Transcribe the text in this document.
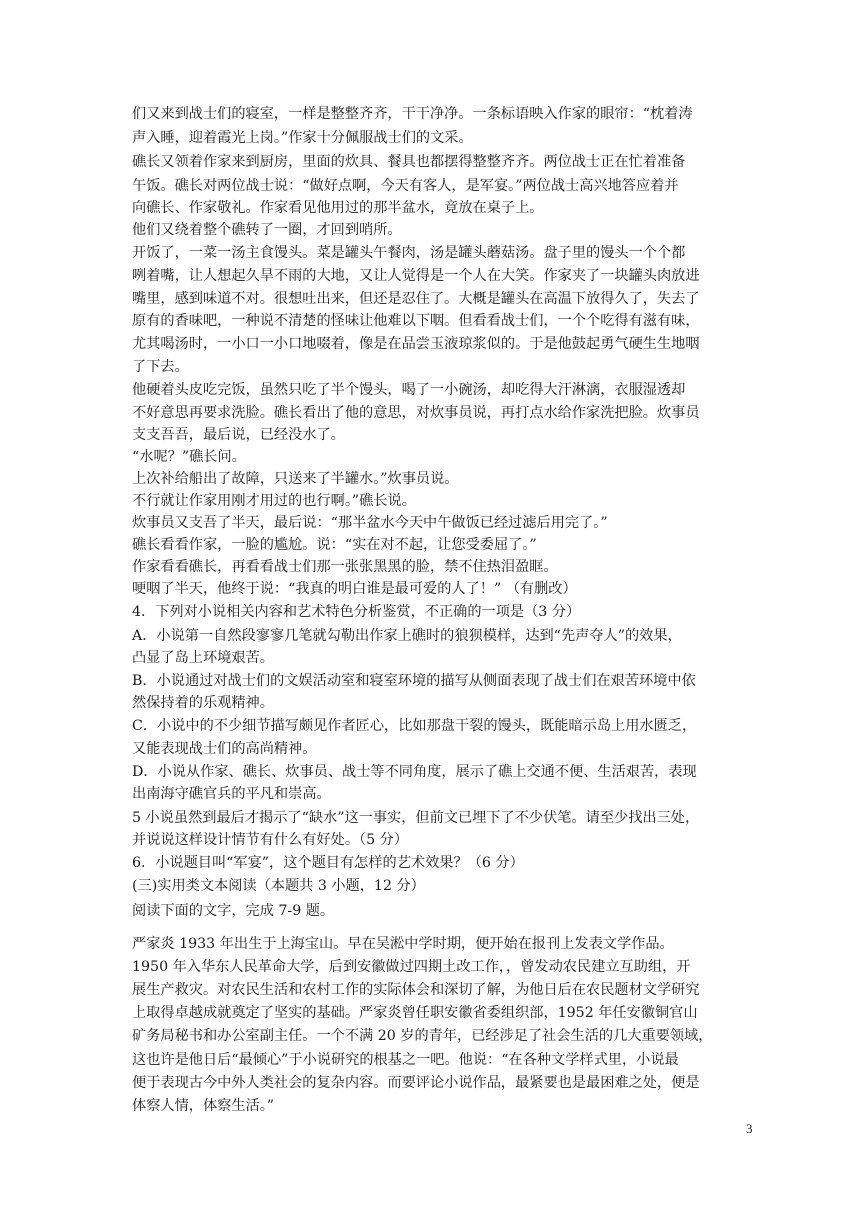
们又来到战士们的寝室，一样是整整齐齐，干干净净。一条标语映入作家的眼帘：“枕着涛
声入睡，迎着霞光上岗。”作家十分佩服战士们的文采。
礁长又领着作家来到厨房，里面的炊具、餐具也都摆得整整齐齐。两位战士正在忙着准备
午饭。礁长对两位战士说：“做好点啊，今天有客人，是军宴。”两位战士高兴地答应着并
向礁长、作家敬礼。作家看见他用过的那半盆水，竟放在桌子上。
他们又绕着整个礁转了一圈，才回到哨所。
开饭了，一菜一汤主食馒头。菜是罐头午餐肉，汤是罐头蘑菇汤。盘子里的馒头一个个都
咧着嘴，让人想起久旱不雨的大地，又让人觉得是一个人在大笑。作家夹了一块罐头肉放进
嘴里，感到味道不对。很想吐出来，但还是忍住了。大概是罐头在高温下放得久了，失去了
原有的香味吧，一种说不清楚的怪味让他难以下咽。但看看战士们，一个个吃得有滋有味，
尤其喝汤时，一小口一小口地啜着，像是在品尝玉液琼浆似的。于是他鼓起勇气硬生生地咽
了下去。
他硬着头皮吃完饭，虽然只吃了半个馒头，喝了一小碗汤，却吃得大汗淋漓，衣服湿透却
不好意思再要求洗脸。礁长看出了他的意思，对炊事员说，再打点水给作家洗把脸。炊事员
支支吾吾，最后说，已经没水了。
“水呢？”礁长问。
上次补给船出了故障，只送来了半罐水。”炊事员说。
不行就让作家用刚才用过的也行啊。”礁长说。
炊事员又支吾了半天，最后说：“那半盆水今天中午做饭已经过滤后用完了。”
礁长看看作家，一脸的尴尬。说：“实在对不起，让您受委屈了。”
作家看看礁长，再看看战士们那一张张黑黑的脸，禁不住热泪盈眶。
哽咽了半天，他终于说：“我真的明白谁是最可爱的人了！” （有删改）
4．下列对小说相关内容和艺术特色分析鉴赏，不正确的一项是（3 分）
A．小说第一自然段寥寥几笔就勾勒出作家上礁时的狼狈模样，达到“先声夺人”的效果，
凸显了岛上环境艰苦。
B．小说通过对战士们的文娱活动室和寝室环境的描写从侧面表现了战士们在艰苦环境中依
然保持着的乐观精神。
C．小说中的不少细节描写颇见作者匠心，比如那盘干裂的馒头，既能暗示岛上用水匮乏，
又能表现战士们的高尚精神。
D．小说从作家、礁长、炊事员、战士等不同角度，展示了礁上交通不便、生活艰苦，表现
出南海守礁官兵的平凡和崇高。
5 小说虽然到最后才揭示了“缺水”这一事实，但前文已埋下了不少伏笔。请至少找出三处，
并说说这样设计情节有什么有好处。（5 分）
6．小说题目叫“军宴”，这个题目有怎样的艺术效果？（6 分）
(三)实用类文本阅读（本题共 3 小题，12 分）
阅读下面的文字，完成 7-9 题。
严家炎 1933 年出生于上海宝山。早在吴淞中学时期，便开始在报刊上发表文学作品。
1950 年入华东人民革命大学，后到安徽做过四期土改工作，，曾发动农民建立互助组，开
展生产救灾。对农民生活和农村工作的实际体会和深切了解，为他日后在农民题材文学研究
上取得卓越成就奠定了坚实的基础。严家炎曾任职安徽省委组织部，1952 年任安徽铜官山
矿务局秘书和办公室副主任。一个不满 20 岁的青年，已经涉足了社会生活的几大重要领域，
这也许是他日后“最倾心”于小说研究的根基之一吧。他说：“在各种文学样式里，小说最
便于表现古今中外人类社会的复杂内容。而要评论小说作品，最紧要也是最困难之处，便是
体察人情，体察生活。”
3
